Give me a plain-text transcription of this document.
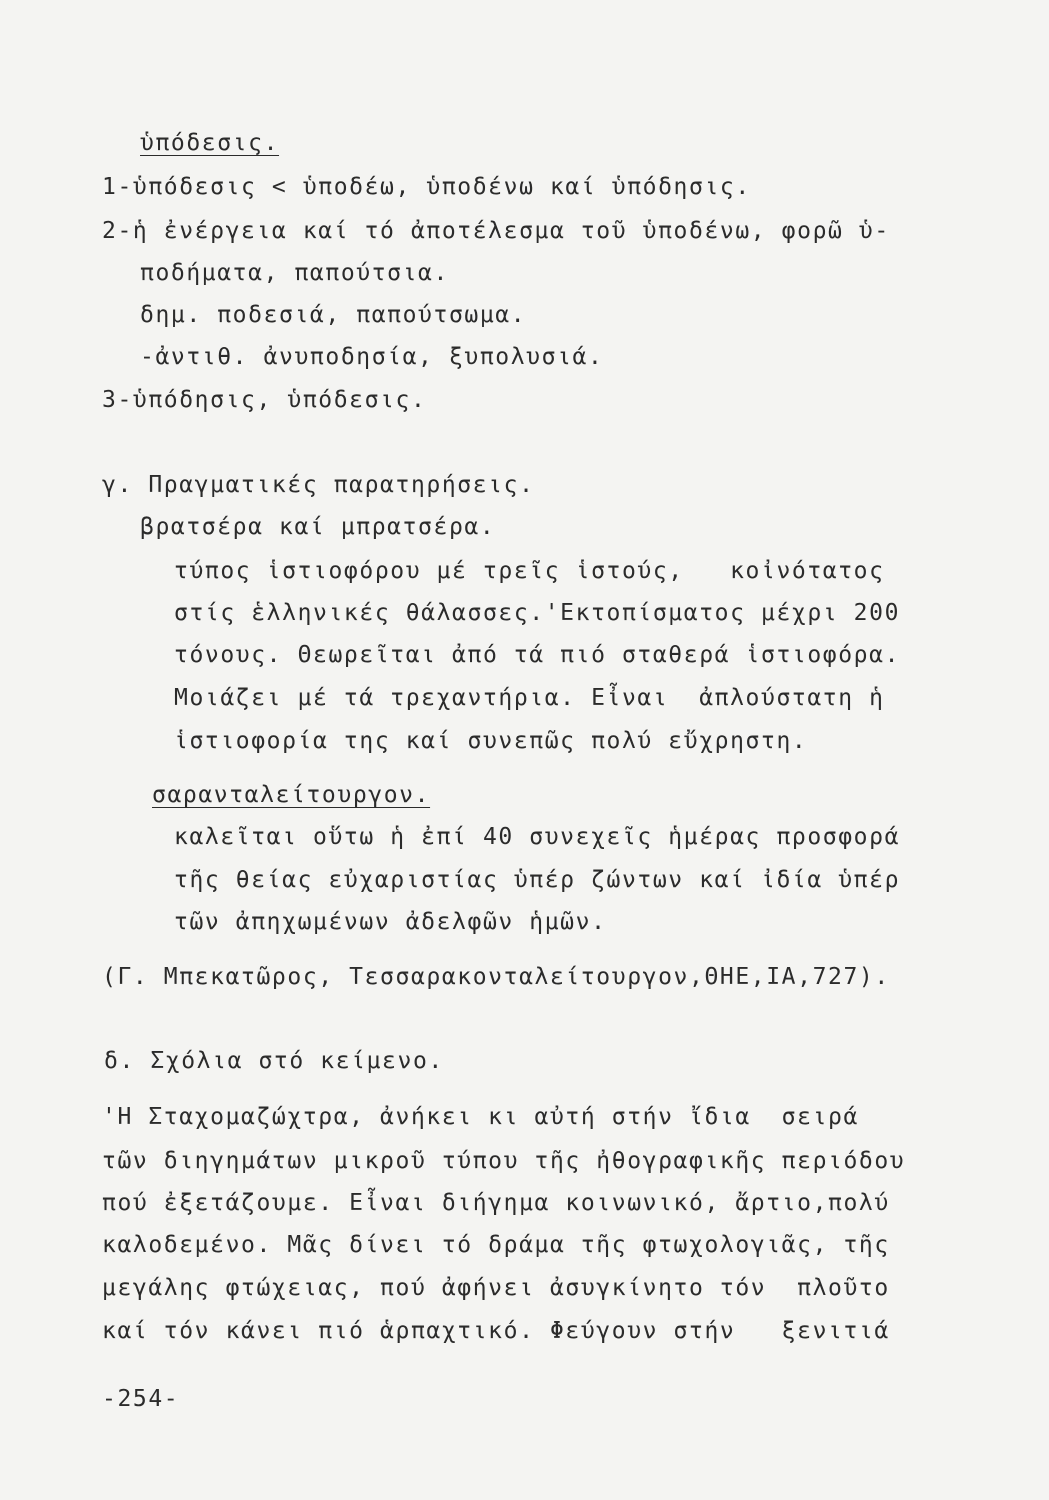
ὑπόδεσις.
1-ὑπόδεσις < ὑποδέω, ὑποδένω καί ὑπόδησις.
2-ἡ ἐνέργεια καί τό ἀποτέλεσμα τοῦ ὑποδένω, φορῶ ὑ-
ποδήματα, παπούτσια.
δημ. ποδεσιά, παπούτσωμα.
-ἀντιθ. ἀνυποδησία, ξυπολυσιά.
3-ὑπόδησις, ὑπόδεσις.
γ. Πραγματικές παρατηρήσεις.
βρατσέρα καί μπρατσέρα.
τύπος ἱστιοφόρου μέ τρεῖς ἱστούς,   κοἰνότατος
στίς ἑλληνικές θάλασσες.'Εκτοπίσματος μέχρι 200
τόνους. Θεωρεῖται ἀπό τά πιό σταθερά ἱστιοφόρα.
Μοιάζει μέ τά τρεχαντήρια. Εἶναι  ἀπλούστατη ἡ
ἱστιοφορία της καί συνεπῶς πολύ εὔχρηστη.
σαρανταλείτουργον.
καλεῖται οὕτω ἡ ἐπί 40 συνεχεῖς ἡμέρας προσφορά
τῆς θείας εὐχαριστίας ὑπέρ ζώντων καί ἰδία ὑπέρ
τῶν ἀπηχωμένων ἀδελφῶν ἡμῶν.
(Γ. Μπεκατῶρος, Τεσσαρακονταλείτουργον,ΘΗΕ,ΙΑ,727).
δ. Σχόλια στό κείμενο.
'Η Σταχομαζώχτρα, ἀνήκει κι αὐτή στήν ἴδια  σειρά
τῶν διηγημάτων μικροῦ τύπου τῆς ἠθογραφικῆς περιόδου
πού ἐξετάζουμε. Εἶναι διήγημα κοινωνικό, ἄρτιο,πολύ
καλοδεμένο. Μᾶς δίνει τό δράμα τῆς φτωχολογιᾶς, τῆς
μεγάλης φτώχειας, πού ἀφήνει ἀσυγκίνητο τόν  πλοῦτο
καί τόν κάνει πιό ἁρπαχτικό. Φεύγουν στήν   ξενιτιά
-254-
